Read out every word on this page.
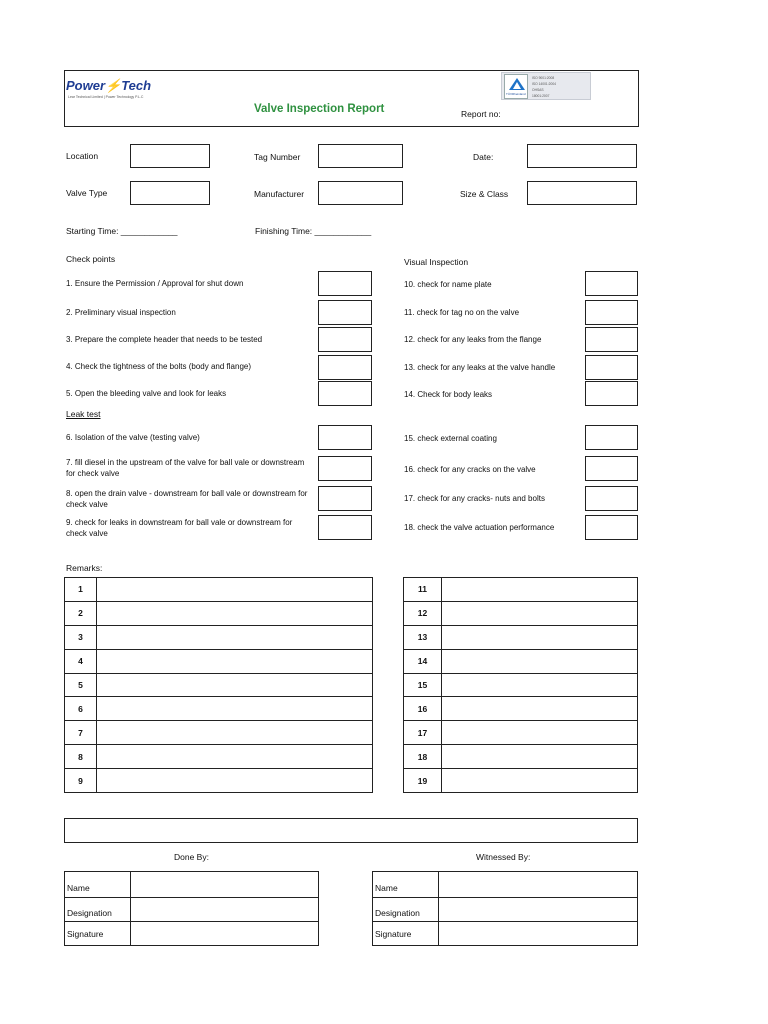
Power⚡Tech
Lear Technical Limited | Power Technology P.L.C
Valve Inspection Report	Report no:
TÜVRheinland
ISO 9001:2008
ISO 14001:2004
OHSAS
18001:2007
Location	Tag Number	Date:
Valve Type	Manufacturer	Size & Class
Starting Time: ____________	Finishing Time: ____________
Check points	Visual Inspection
Leak test
1. Ensure the Permission / Approval for shut down
2. Preliminary visual inspection
3. Prepare the complete header that needs to be tested
4. Check the tightness of the bolts (body and flange)
5. Open the bleeding valve and look for leaks
6. Isolation of the valve (testing valve)
7. fill diesel in the upstream of the valve for ball vale or downstream for check valve
8. open the drain valve - downstream for ball vale or downstream for check valve
9. check for leaks in downstream for ball vale or downstream for check valve
10. check for name plate
11. check for tag no on the valve
12. check for any leaks from the flange
13. check for any leaks at the valve handle
14. Check for body leaks
15. check external coating
16. check for any cracks on the valve
17. check for any cracks- nuts and bolts
18. check the valve actuation performance
Remarks:
1	
2	
3	
4	
5	
6	
7	
8	
9	
11	
12	
13	
14	
15	
16	
17	
18	
19	
Done By:	Witnessed By:
Name	
Designation	
Signature	
Name	
Designation	
Signature	
